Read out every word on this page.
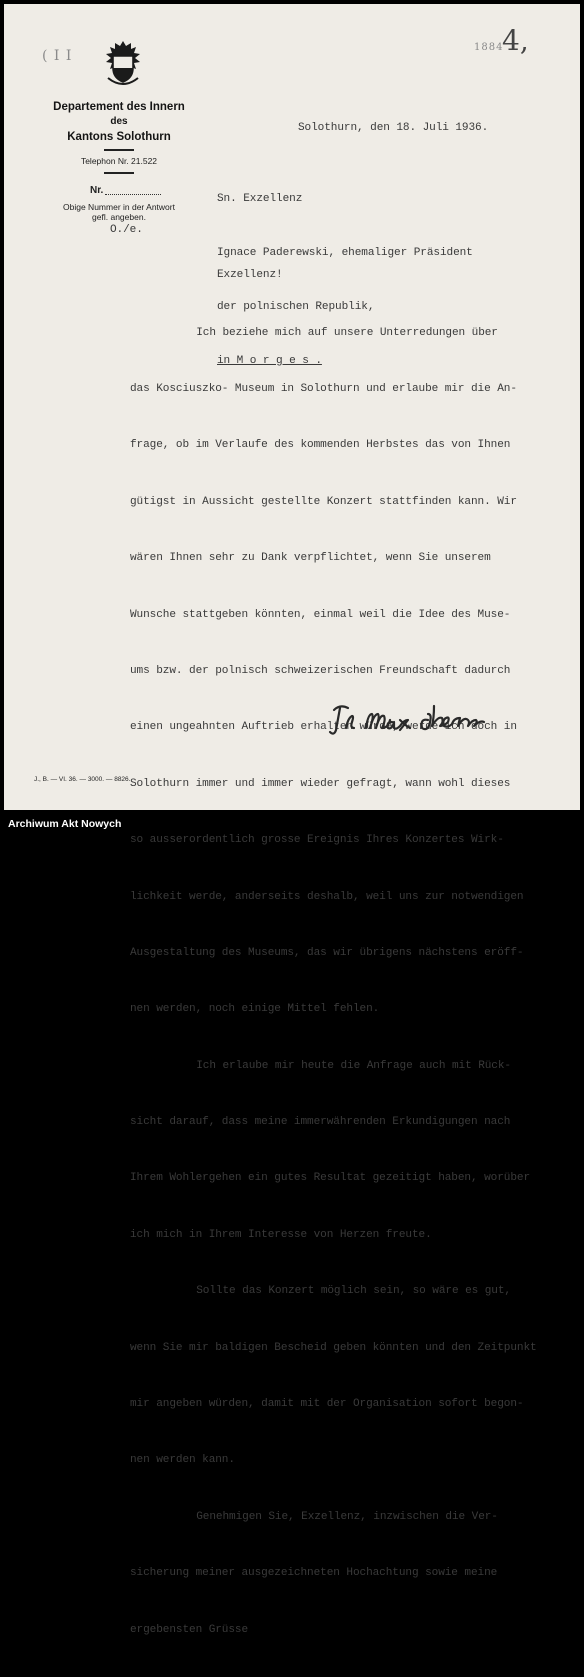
( I I
1884
4,
Departement des Innern
des
Kantons Solothurn
Telephon Nr. 21.522
Nr.
Obige Nummer in der Antwort
gefl. angeben.
O./e.
Solothurn, den 18. Juli 1936.

Sn. Exzellenz

Ignace Paderewski, ehemaliger Präsident

der polnischen Republik,

in M o r g e s .

Exzellenz!

Ich beziehe mich auf unsere Unterredungen über

das Kosciuszko- Museum in Solothurn und erlaube mir die An-

frage, ob im Verlaufe des kommenden Herbstes das von Ihnen

gütigst in Aussicht gestellte Konzert stattfinden kann. Wir

wären Ihnen sehr zu Dank verpflichtet, wenn Sie unserem

Wunsche stattgeben könnten, einmal weil die Idee des Muse-

ums bzw. der polnisch schweizerischen Freundschaft dadurch

einen ungeahnten Auftrieb erhalten würde, werde ich doch in

Solothurn immer und immer wieder gefragt, wann wohl dieses

so ausserordentlich grosse Ereignis Ihres Konzertes Wirk-

lichkeit werde, anderseits deshalb, weil uns zur notwendigen

Ausgestaltung des Museums, das wir übrigens nächstens eröff-

nen werden, noch einige Mittel fehlen.

Ich erlaube mir heute die Anfrage auch mit Rück-

sicht darauf, dass meine immerwährenden Erkundigungen nach

Ihrem Wohlergehen ein gutes Resultat gezeitigt haben, worüber

ich mich in Ihrem Interesse von Herzen freute.

Sollte das Konzert möglich sein, so wäre es gut,

wenn Sie mir baldigen Bescheid geben könnten und den Zeitpunkt

mir angeben würden, damit mit der Organisation sofort begon-

nen werden kann.

Genehmigen Sie, Exzellenz, inzwischen die Ver-

sicherung meiner ausgezeichneten Hochachtung sowie meine

ergebensten Grüsse

J., B. — VI. 36. — 3000. — 8826.
Archiwum Akt Nowych
